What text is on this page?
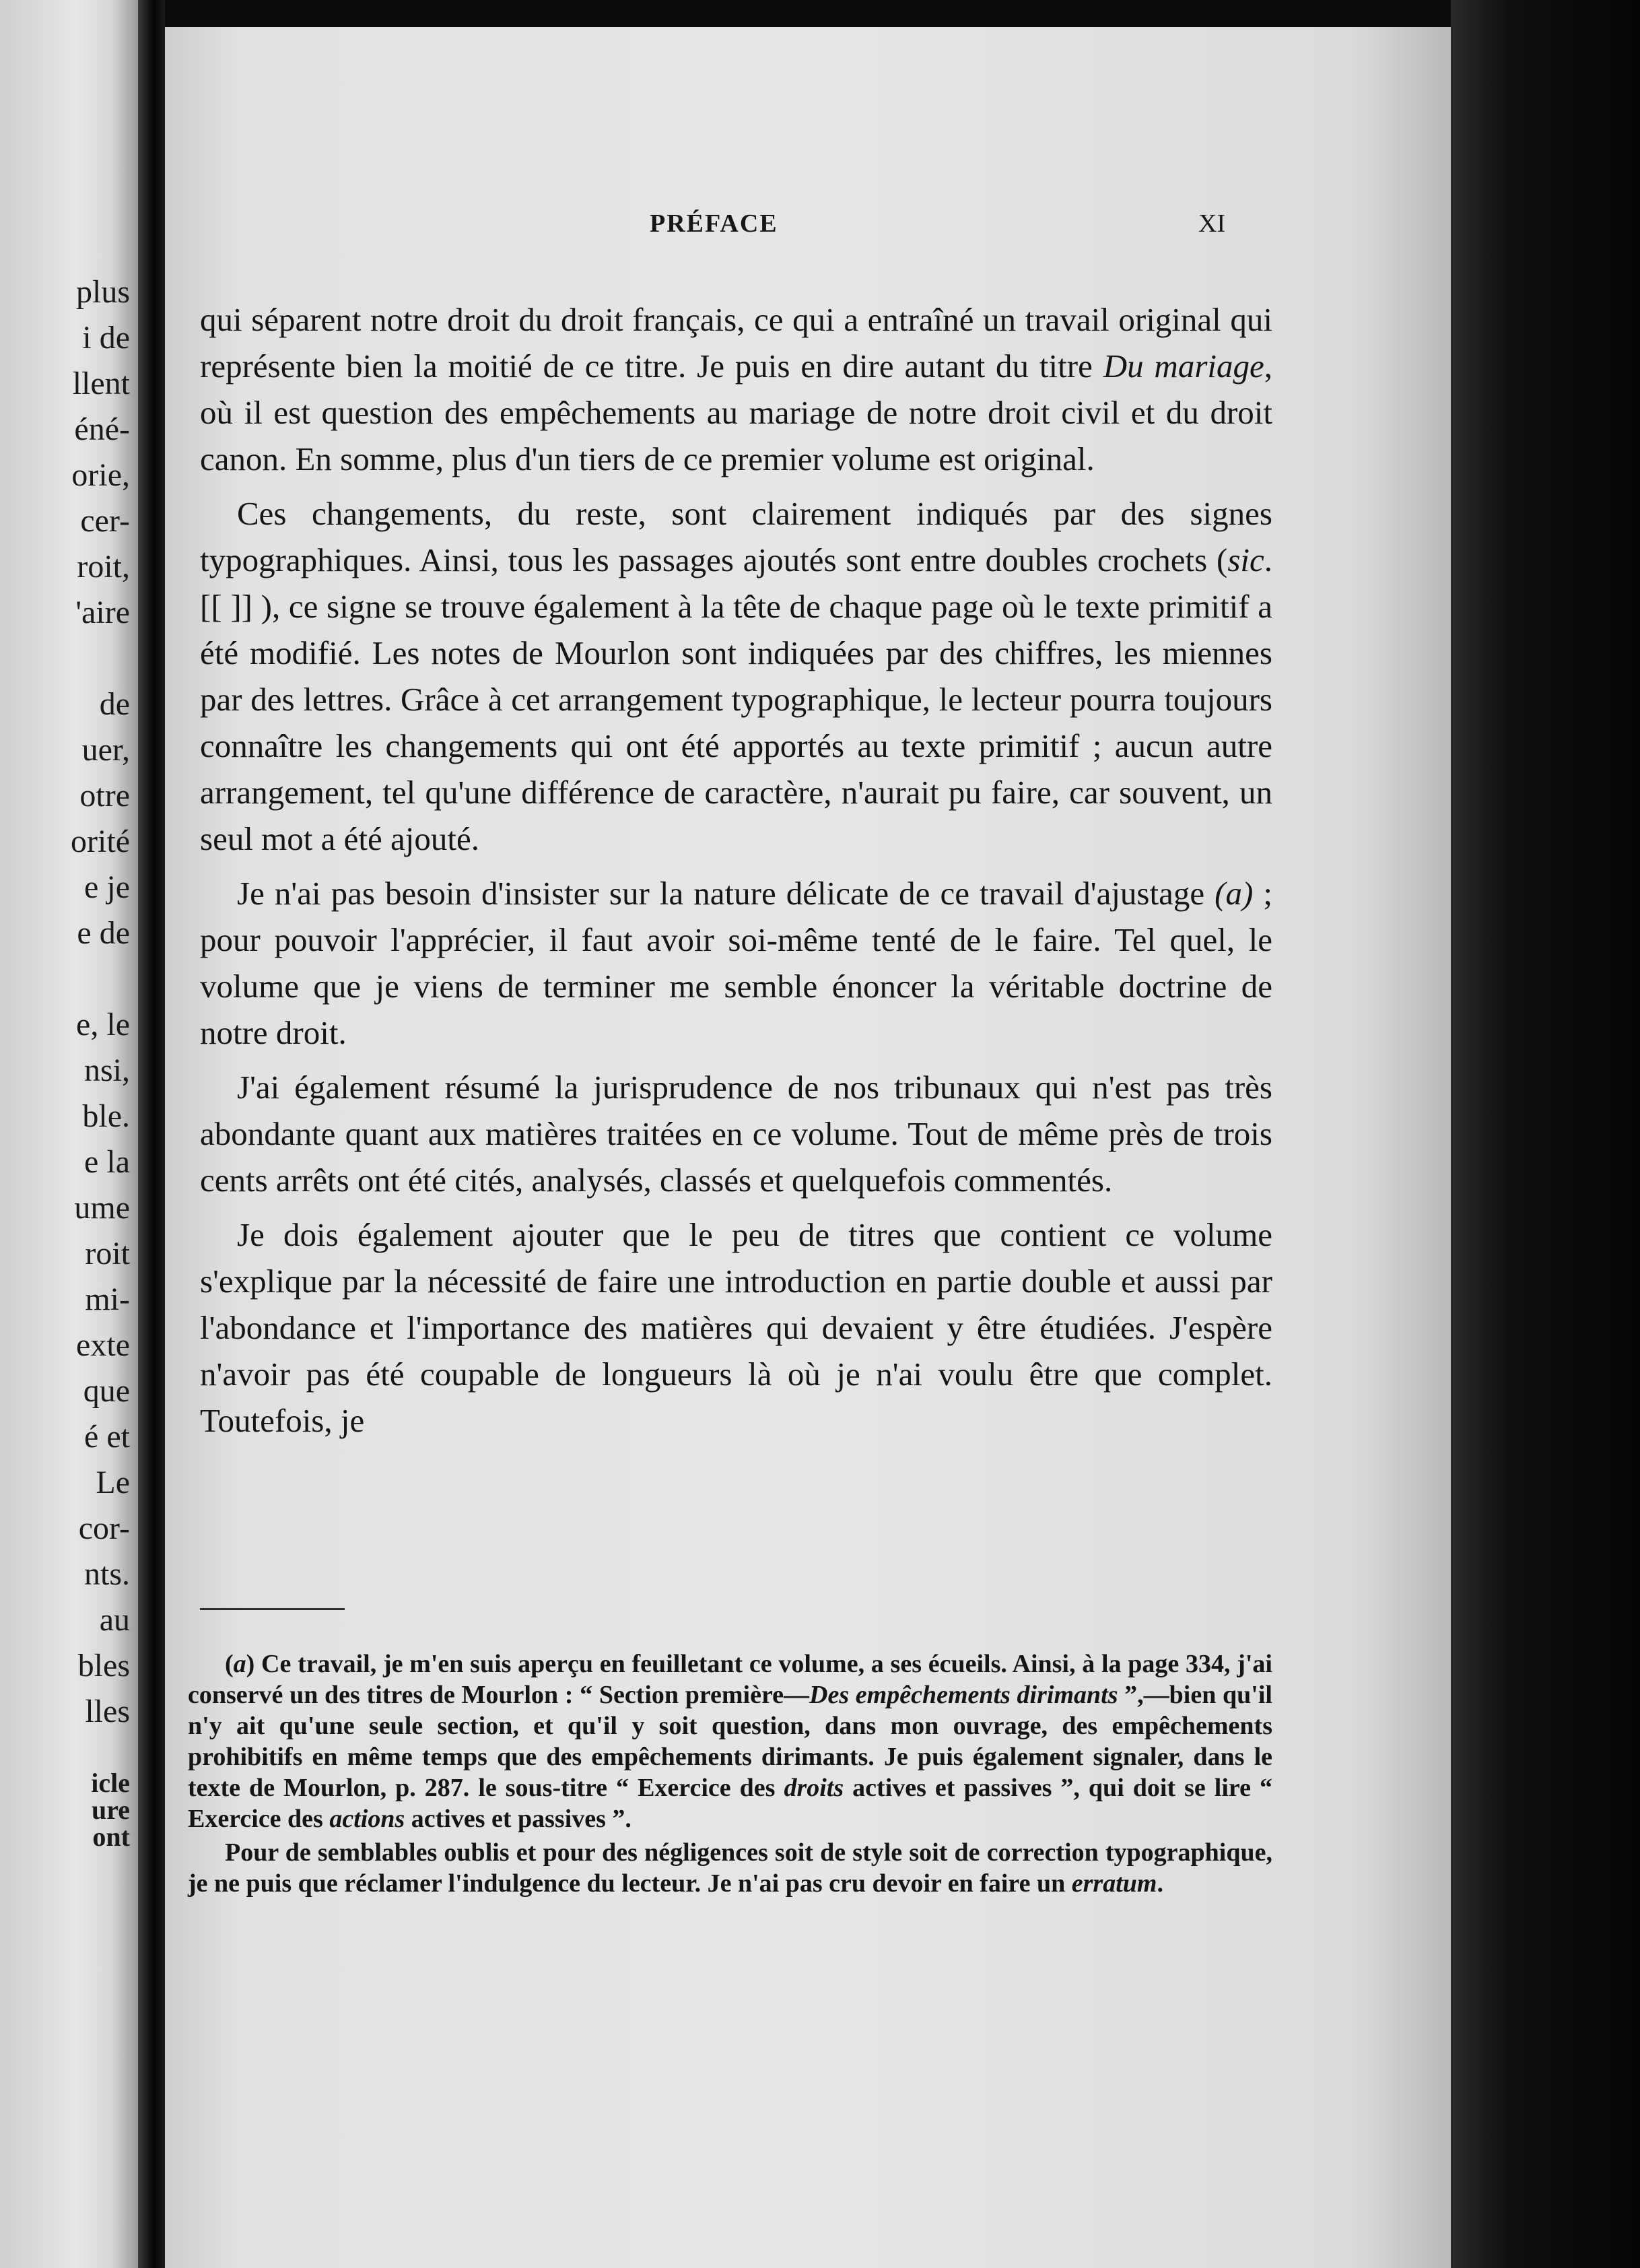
plus
i de
llent
éné-
orie,
cer-
roit,
'aire
de
uer,
otre
orité
e je
e de
e, le
nsi,
ble.
e la
ume
roit
mi-
exte
que
é et
Le
cor-
nts.
au
bles
lles
icle
ure
ont
PRÉFACE	XI

qui séparent notre droit du droit français, ce qui a entraîné un travail original qui représente bien la moitié de ce titre. Je puis en dire autant du titre Du mariage, où il est question des empêchements au mariage de notre droit civil et du droit canon. En somme, plus d'un tiers de ce premier volume est original.

Ces changements, du reste, sont clairement indiqués par des signes typographiques. Ainsi, tous les passages ajoutés sont entre doubles crochets (sic. [[ ]] ), ce signe se trouve également à la tête de chaque page où le texte primitif a été modifié. Les notes de Mourlon sont indiquées par des chiffres, les miennes par des lettres. Grâce à cet arrangement typographique, le lecteur pourra toujours connaître les changements qui ont été apportés au texte primitif ; aucun autre arrangement, tel qu'une différence de caractère, n'aurait pu faire, car souvent, un seul mot a été ajouté.

Je n'ai pas besoin d'insister sur la nature délicate de ce travail d'ajustage (a) ; pour pouvoir l'apprécier, il faut avoir soi-même tenté de le faire. Tel quel, le volume que je viens de terminer me semble énoncer la véritable doctrine de notre droit.

J'ai également résumé la jurisprudence de nos tribunaux qui n'est pas très abondante quant aux matières traitées en ce volume. Tout de même près de trois cents arrêts ont été cités, analysés, classés et quelquefois commentés.

Je dois également ajouter que le peu de titres que contient ce volume s'explique par la nécessité de faire une introduction en partie double et aussi par l'abondance et l'importance des matières qui devaient y être étudiées. J'espère n'avoir pas été coupable de longueurs là où je n'ai voulu être que complet. Toutefois, je

(a) Ce travail, je m'en suis aperçu en feuilletant ce volume, a ses écueils. Ainsi, à la page 334, j'ai conservé un des titres de Mourlon : “ Section première—Des empêchements dirimants ”,—bien qu'il n'y ait qu'une seule section, et qu'il y soit question, dans mon ouvrage, des empêchements prohibitifs en même temps que des empêchements dirimants. Je puis également signaler, dans le texte de Mourlon, p. 287. le sous-titre “ Exercice des droits actives et passives ”, qui doit se lire “ Exercice des actions actives et passives ”.

Pour de semblables oublis et pour des négligences soit de style soit de correction typographique, je ne puis que réclamer l'indulgence du lecteur. Je n'ai pas cru devoir en faire un erratum.
